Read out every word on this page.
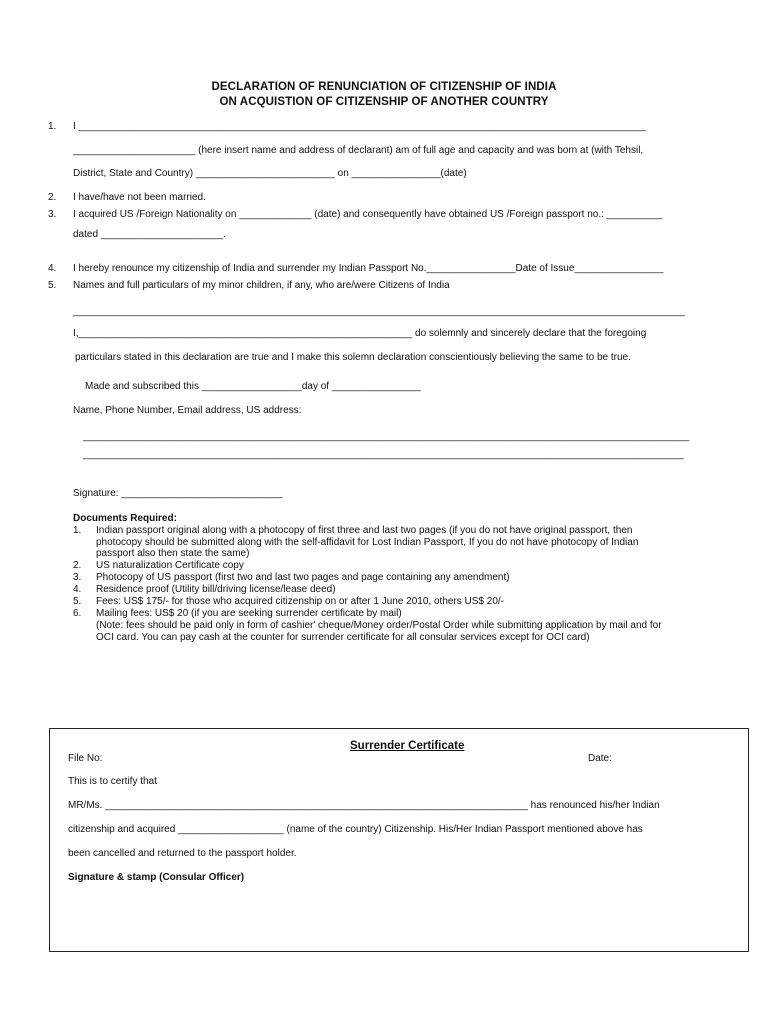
DECLARATION OF RENUNCIATION OF CITIZENSHIP OF INDIA
ON ACQUISTION OF CITIZENSHIP OF ANOTHER COUNTRY
1. I ______________________________________________________________________________________________________
______________________ (here insert name and address of declarant) am of full age and capacity and was born at (with Tehsil,
District, State and Country) _________________________ on ________________(date)
2. I have/have not been married.
3. I acquired US /Foreign Nationality on _____________ (date) and consequently have obtained US /Foreign passport no.: __________
dated ______________________.
4. I hereby renounce my citizenship of India and surrender my Indian Passport No.________________Date of Issue________________
5. Names and full particulars of my minor children, if any, who are/were Citizens of India
______________________________________________________________________________________________________________
I,____________________________________________________________ do solemnly and sincerely declare that the foregoing
particulars stated in this declaration are true and I make this solemn declaration conscientiously believing the same to be true.
Made and subscribed this __________________day of ________________
Name, Phone Number, Email address, US address:
_____________________________________________________________________________________________________________
____________________________________________________________________________________________________________
Signature: _____________________________
Documents Required:
1. Indian passport original along with a photocopy of first three and last two pages (if you do not have original passport, then
photocopy should be submitted along with the self-affidavit for Lost Indian Passport, If you do not have photocopy of Indian
passport also then state the same)
2. US naturalization Certificate copy
3. Photocopy of US passport (first two and last two pages and page containing any amendment)
4. Residence proof (Utility bill/driving license/lease deed)
5. Fees: US$ 175/- for those who acquired citizenship on or after 1 June 2010, others US$ 20/-
6. Mailing fees: US$ 20 (if you are seeking surrender certificate by mail)
(Note: fees should be paid only in form of cashier' cheque/Money order/Postal Order while submitting application by mail and for
OCI card. You can pay cash at the counter for surrender certificate for all consular services except for OCI card)
Surrender Certificate
File No:	Date:
This is to certify that
MR/Ms. ____________________________________________________________________________ has renounced his/her Indian
citizenship and acquired ___________________ (name of the country) Citizenship. His/Her Indian Passport mentioned above has
been cancelled and returned to the passport holder.
Signature & stamp (Consular Officer)
